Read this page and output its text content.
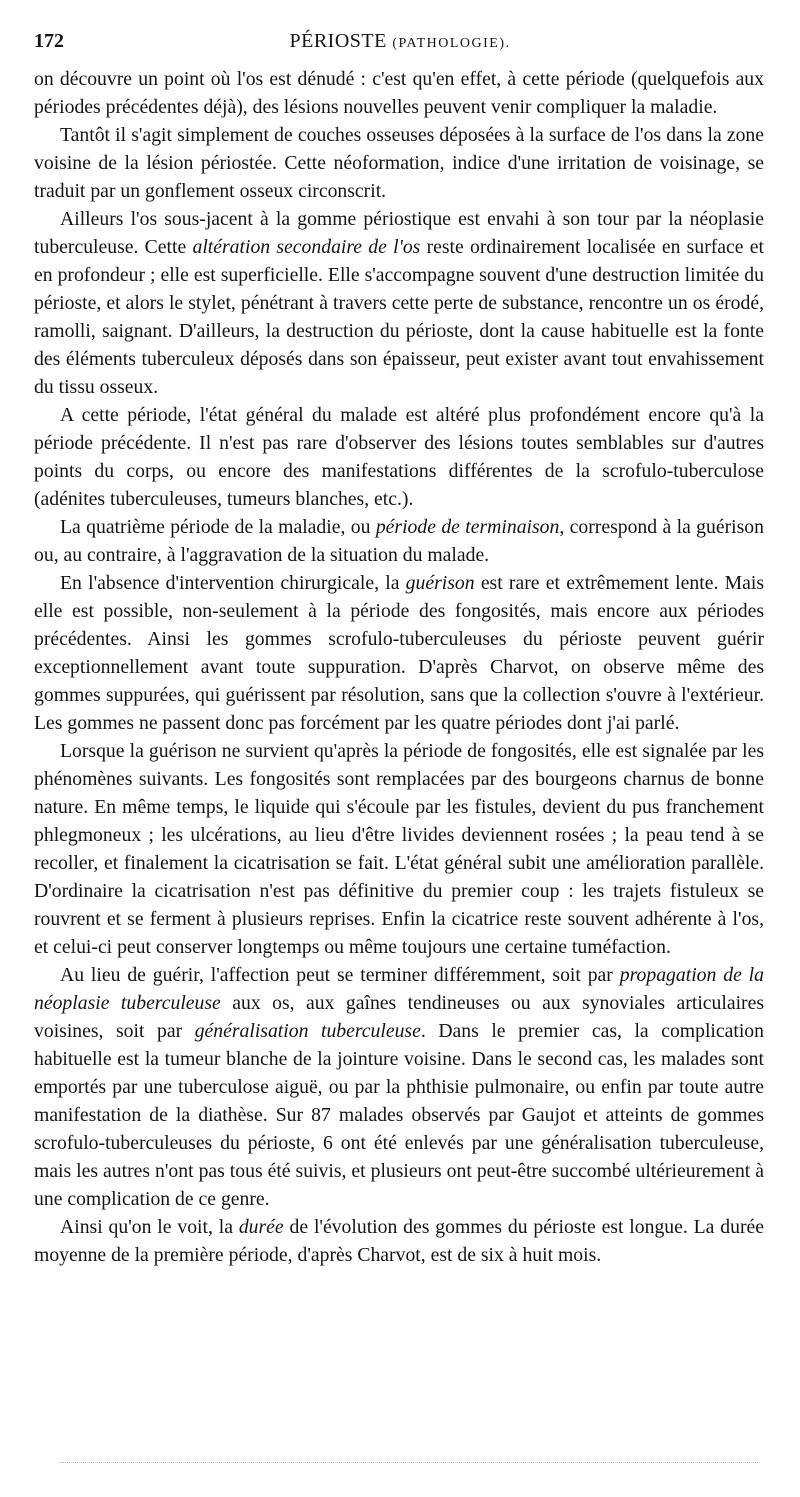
172	PÉRIOSTE (PATHOLOGIE).

on découvre un point où l'os est dénudé : c'est qu'en effet, à cette période (quelquefois aux périodes précédentes déjà), des lésions nouvelles peuvent venir compliquer la maladie.

Tantôt il s'agit simplement de couches osseuses déposées à la surface de l'os dans la zone voisine de la lésion périostée. Cette néoformation, indice d'une irritation de voisinage, se traduit par un gonflement osseux circonscrit.

Ailleurs l'os sous-jacent à la gomme périostique est envahi à son tour par la néoplasie tuberculeuse. Cette altération secondaire de l'os reste ordinairement localisée en surface et en profondeur ; elle est superficielle. Elle s'accompagne souvent d'une destruction limitée du périoste, et alors le stylet, pénétrant à travers cette perte de substance, rencontre un os érodé, ramolli, saignant. D'ailleurs, la destruction du périoste, dont la cause habituelle est la fonte des éléments tuberculeux déposés dans son épaisseur, peut exister avant tout envahissement du tissu osseux.

A cette période, l'état général du malade est altéré plus profondément encore qu'à la période précédente. Il n'est pas rare d'observer des lésions toutes semblables sur d'autres points du corps, ou encore des manifestations différentes de la scrofulo-tuberculose (adénites tuberculeuses, tumeurs blanches, etc.).

La quatrième période de la maladie, ou période de terminaison, correspond à la guérison ou, au contraire, à l'aggravation de la situation du malade.

En l'absence d'intervention chirurgicale, la guérison est rare et extrêmement lente. Mais elle est possible, non-seulement à la période des fongosités, mais encore aux périodes précédentes. Ainsi les gommes scrofulo-tuberculeuses du périoste peuvent guérir exceptionnellement avant toute suppuration. D'après Charvot, on observe même des gommes suppurées, qui guérissent par résolution, sans que la collection s'ouvre à l'extérieur. Les gommes ne passent donc pas forcément par les quatre périodes dont j'ai parlé.

Lorsque la guérison ne survient qu'après la période de fongosités, elle est signalée par les phénomènes suivants. Les fongosités sont remplacées par des bourgeons charnus de bonne nature. En même temps, le liquide qui s'écoule par les fistules, devient du pus franchement phlegmoneux ; les ulcérations, au lieu d'être livides deviennent rosées ; la peau tend à se recoller, et finalement la cicatrisation se fait. L'état général subit une amélioration parallèle. D'ordinaire la cicatrisation n'est pas définitive du premier coup : les trajets fistuleux se rouvrent et se ferment à plusieurs reprises. Enfin la cicatrice reste souvent adhérente à l'os, et celui-ci peut conserver longtemps ou même toujours une certaine tuméfaction.

Au lieu de guérir, l'affection peut se terminer différemment, soit par propagation de la néoplasie tuberculeuse aux os, aux gaînes tendineuses ou aux synoviales articulaires voisines, soit par généralisation tuberculeuse. Dans le premier cas, la complication habituelle est la tumeur blanche de la jointure voisine. Dans le second cas, les malades sont emportés par une tuberculose aiguë, ou par la phthisie pulmonaire, ou enfin par toute autre manifestation de la diathèse. Sur 87 malades observés par Gaujot et atteints de gommes scrofulo-tuberculeuses du périoste, 6 ont été enlevés par une généralisation tuberculeuse, mais les autres n'ont pas tous été suivis, et plusieurs ont peut-être succombé ultérieurement à une complication de ce genre.

Ainsi qu'on le voit, la durée de l'évolution des gommes du périoste est longue. La durée moyenne de la première période, d'après Charvot, est de six à huit mois.
